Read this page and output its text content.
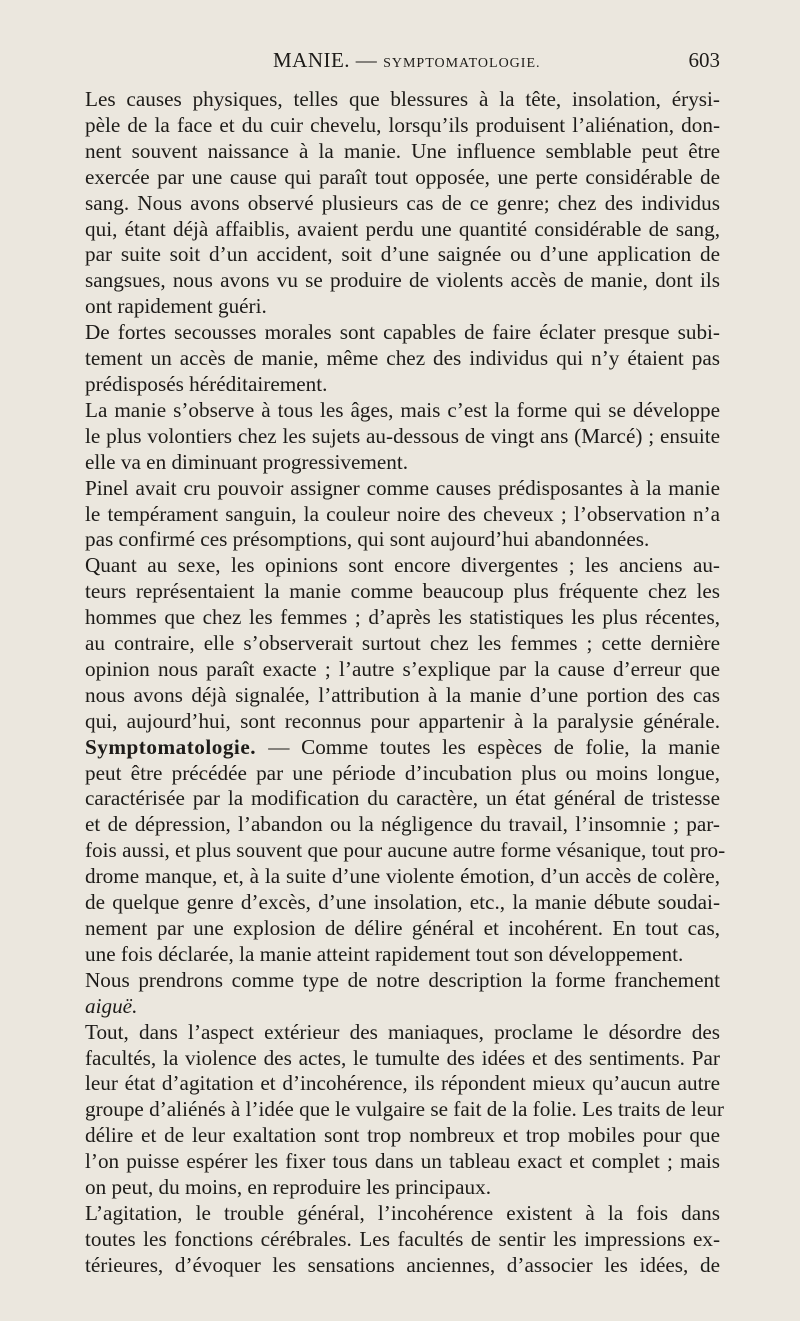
MANIE. — SYMPTOMATOLOGIE.	603
Les causes physiques, telles que blessures à la tête, insolation, érysi-
pèle de la face et du cuir chevelu, lorsqu’ils produisent l’aliénation, don-
nent souvent naissance à la manie. Une influence semblable peut être
exercée par une cause qui paraît tout opposée, une perte considérable de
sang. Nous avons observé plusieurs cas de ce genre; chez des individus
qui, étant déjà affaiblis, avaient perdu une quantité considérable de sang,
par suite soit d’un accident, soit d’une saignée ou d’une application de
sangsues, nous avons vu se produire de violents accès de manie, dont ils
ont rapidement guéri.
De fortes secousses morales sont capables de faire éclater presque subi-
tement un accès de manie, même chez des individus qui n’y étaient pas
prédisposés héréditairement.
La manie s’observe à tous les âges, mais c’est la forme qui se développe
le plus volontiers chez les sujets au-dessous de vingt ans (Marcé) ; ensuite
elle va en diminuant progressivement.
Pinel avait cru pouvoir assigner comme causes prédisposantes à la manie
le tempérament sanguin, la couleur noire des cheveux ; l’observation n’a
pas confirmé ces présomptions, qui sont aujourd’hui abandonnées.
Quant au sexe, les opinions sont encore divergentes ; les anciens au-
teurs représentaient la manie comme beaucoup plus fréquente chez les
hommes que chez les femmes ; d’après les statistiques les plus récentes,
au contraire, elle s’observerait surtout chez les femmes ; cette dernière
opinion nous paraît exacte ; l’autre s’explique par la cause d’erreur que
nous avons déjà signalée, l’attribution à la manie d’une portion des cas
qui, aujourd’hui, sont reconnus pour appartenir à la paralysie générale.
Symptomatologie. — Comme toutes les espèces de folie, la manie
peut être précédée par une période d’incubation plus ou moins longue,
caractérisée par la modification du caractère, un état général de tristesse
et de dépression, l’abandon ou la négligence du travail, l’insomnie ; par-
fois aussi, et plus souvent que pour aucune autre forme vésanique, tout pro-
drome manque, et, à la suite d’une violente émotion, d’un accès de colère,
de quelque genre d’excès, d’une insolation, etc., la manie débute soudai-
nement par une explosion de délire général et incohérent. En tout cas,
une fois déclarée, la manie atteint rapidement tout son développement.
Nous prendrons comme type de notre description la forme franchement
aiguë.
Tout, dans l’aspect extérieur des maniaques, proclame le désordre des
facultés, la violence des actes, le tumulte des idées et des sentiments. Par
leur état d’agitation et d’incohérence, ils répondent mieux qu’aucun autre
groupe d’aliénés à l’idée que le vulgaire se fait de la folie. Les traits de leur
délire et de leur exaltation sont trop nombreux et trop mobiles pour que
l’on puisse espérer les fixer tous dans un tableau exact et complet ; mais
on peut, du moins, en reproduire les principaux.
L’agitation, le trouble général, l’incohérence existent à la fois dans
toutes les fonctions cérébrales. Les facultés de sentir les impressions ex-
térieures, d’évoquer les sensations anciennes, d’associer les idées, de
